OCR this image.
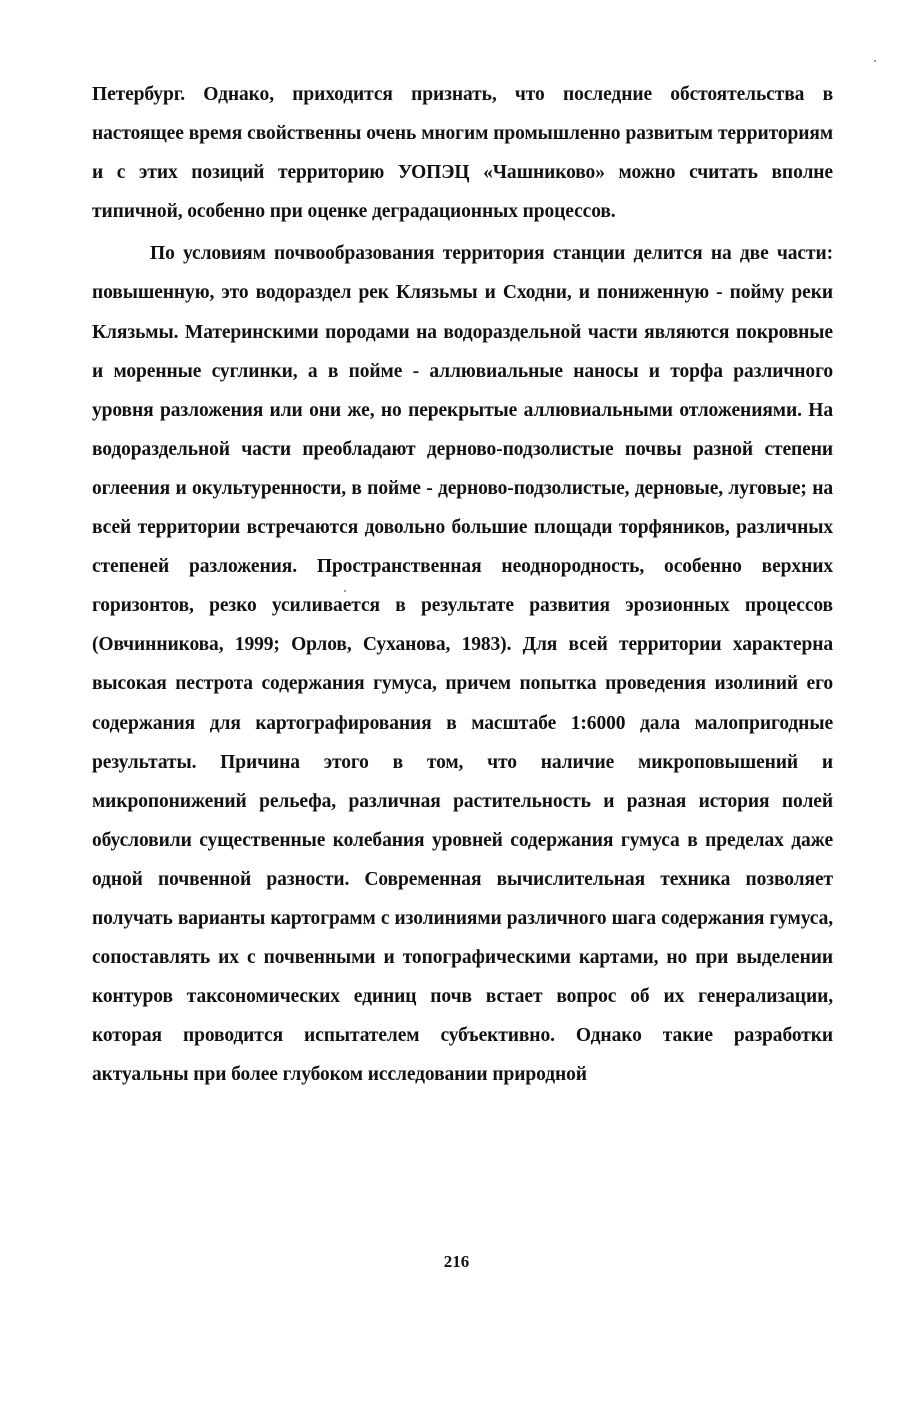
Петербург. Однако, приходится признать, что последние обстоятельства в настоящее время свойственны очень многим промышленно развитым территориям и с этих позиций территорию УОПЭЦ «Чашниково» можно считать вполне типичной, особенно при оценке деградационных процессов.

По условиям почвообразования территория станции делится на две части: повышенную, это водораздел рек Клязьмы и Сходни, и пониженную - пойму реки Клязьмы. Материнскими породами на водораздельной части являются покровные и моренные суглинки, а в пойме - аллювиальные наносы и торфа различного уровня разложения или они же, но перекрытые аллювиальными отложениями. На водораздельной части преобладают дерново-подзолистые почвы разной степени оглеения и окультуренности, в пойме - дерново-подзолистые, дерновые, луговые; на всей территории встречаются довольно большие площади торфяников, различных степеней разложения. Пространственная неоднородность, особенно верхних горизонтов, резко усиливается в результате развития эрозионных процессов (Овчинникова, 1999; Орлов, Суханова, 1983). Для всей территории характерна высокая пестрота содержания гумуса, причем попытка проведения изолиний его содержания для картографирования в масштабе 1:6000 дала малопригодные результаты. Причина этого в том, что наличие микроповышений и микропонижений рельефа, различная растительность и разная история полей обусловили существенные колебания уровней содержания гумуса в пределах даже одной почвенной разности. Современная вычислительная техника позволяет получать варианты картограмм с изолиниями различного шага содержания гумуса, сопоставлять их с почвенными и топографическими картами, но при выделении контуров таксономических единиц почв встает вопрос об их генерализации, которая проводится испытателем субъективно. Однако такие разработки актуальны при более глубоком исследовании природной

216
